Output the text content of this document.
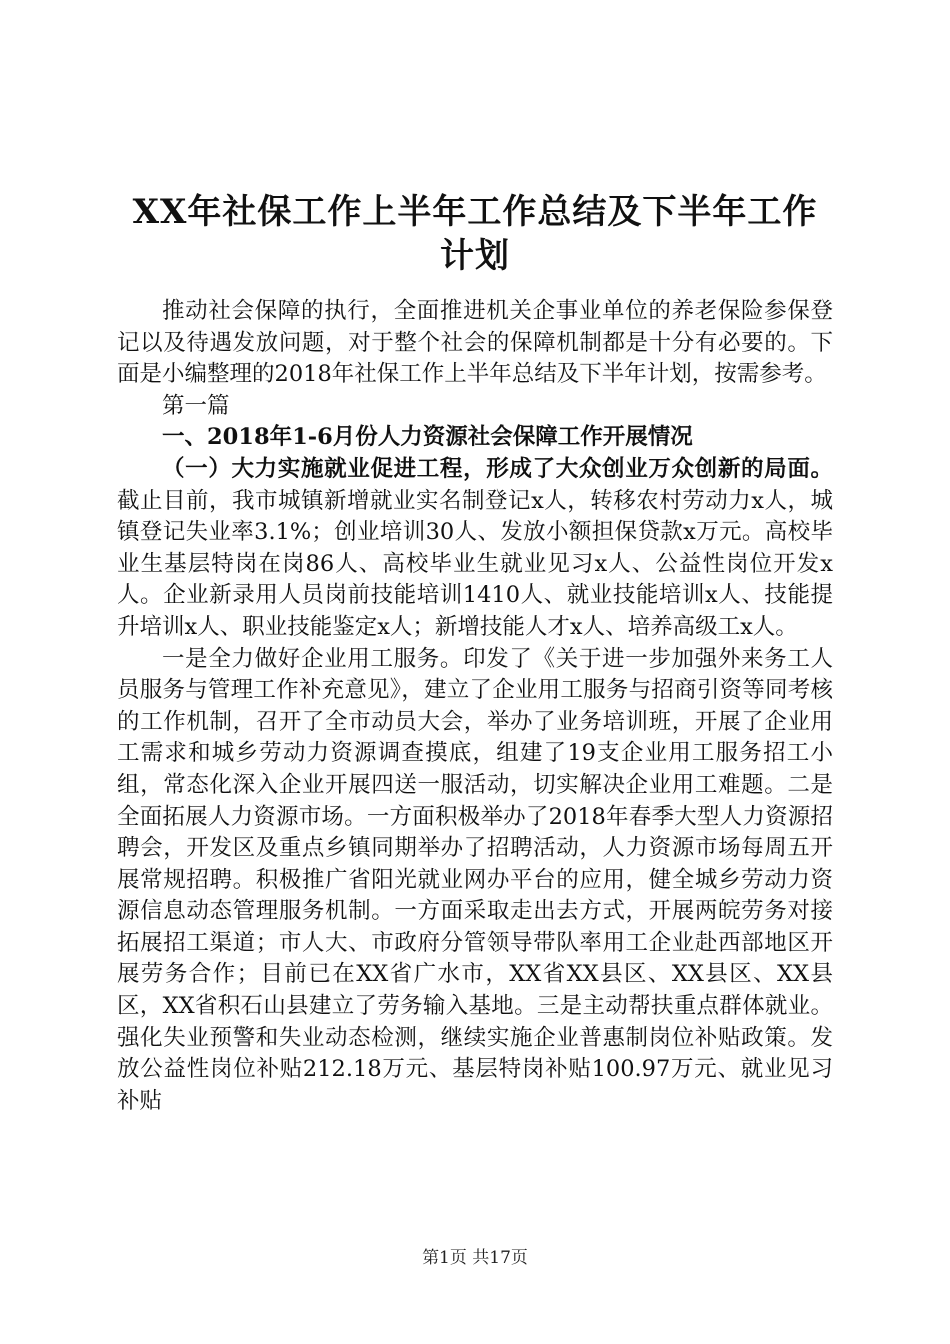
XX年社保工作上半年工作总结及下半年工作
计划

推动社会保障的执行，全面推进机关企事业单位的养老保险参保登记以及待遇发放问题，对于整个社会的保障机制都是十分有必要的。下面是小编整理的2018年社保工作上半年总结及下半年计划，按需参考。

第一篇

一、2018年1-6月份人力资源社会保障工作开展情况

（一）大力实施就业促进工程，形成了大众创业万众创新的局面。截止目前，我市城镇新增就业实名制登记x人，转移农村劳动力x人，城镇登记失业率3.1%；创业培训30人、发放小额担保贷款x万元。高校毕业生基层特岗在岗86人、高校毕业生就业见习x人、公益性岗位开发x人。企业新录用人员岗前技能培训1410人、就业技能培训x人、技能提升培训x人、职业技能鉴定x人；新增技能人才x人、培养高级工x人。

一是全力做好企业用工服务。印发了《关于进一步加强外来务工人员服务与管理工作补充意见》，建立了企业用工服务与招商引资等同考核的工作机制，召开了全市动员大会，举办了业务培训班，开展了企业用工需求和城乡劳动力资源调查摸底，组建了19支企业用工服务招工小组，常态化深入企业开展四送一服活动，切实解决企业用工难题。二是全面拓展人力资源市场。一方面积极举办了2018年春季大型人力资源招聘会，开发区及重点乡镇同期举办了招聘活动，人力资源市场每周五开展常规招聘。积极推广省阳光就业网办平台的应用，健全城乡劳动力资源信息动态管理服务机制。一方面采取走出去方式，开展两皖劳务对接拓展招工渠道；市人大、市政府分管领导带队率用工企业赴西部地区开展劳务合作；目前已在XX省广水市，XX省XX县区、XX县区、XX县区，XX省积石山县建立了劳务输入基地。三是主动帮扶重点群体就业。强化失业预警和失业动态检测，继续实施企业普惠制岗位补贴政策。发放公益性岗位补贴212.18万元、基层特岗补贴100.97万元、就业见习补贴

第1页 共17页
